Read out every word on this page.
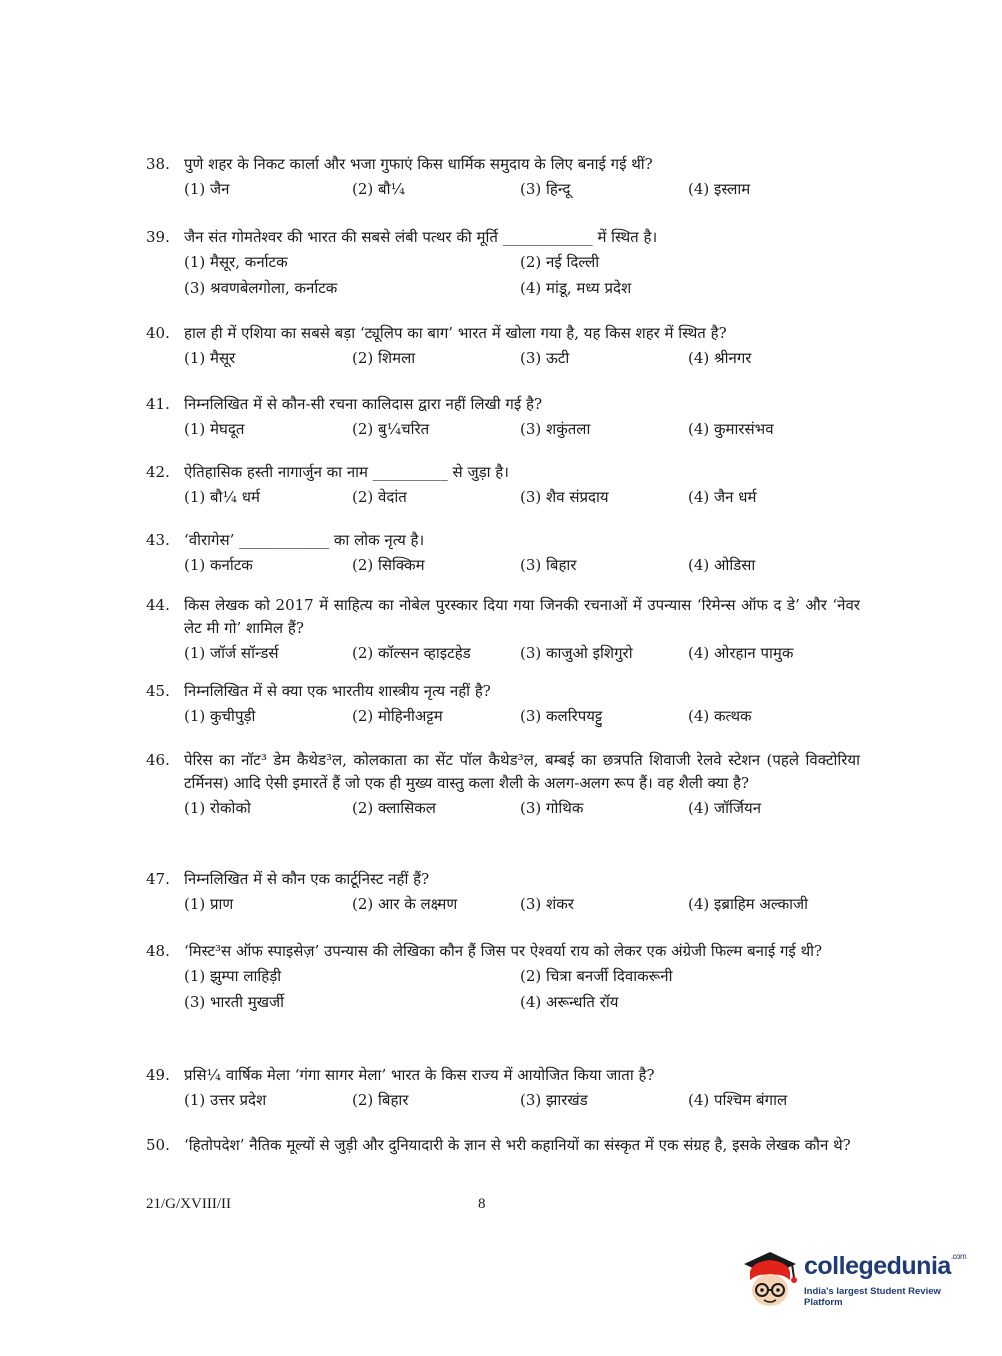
38. पुणे शहर के निकट कार्ला और भजा गुफाएं किस धार्मिक समुदाय के लिए बनाई गई थीं?
(1) जैन	(2) बौ¼	(3) हिन्दू	(4) इस्लाम
39. जैन संत गोमतेश्वर की भारत की सबसे लंबी पत्थर की मूर्ति ____________ में स्थित है।
(1) मैसूर, कर्नाटक	(2) नई दिल्ली
(3) श्रवणबेलगोला, कर्नाटक	(4) मांडू, मध्य प्रदेश
40. हाल ही में एशिया का सबसे बड़ा ‘ट्यूलिप का बाग’ भारत में खोला गया है, यह किस शहर में स्थित है?
(1) मैसूर	(2) शिमला	(3) ऊटी	(4) श्रीनगर
41. निम्नलिखित में से कौन-सी रचना कालिदास द्वारा नहीं लिखी गई है?
(1) मेघदूत	(2) बु¼चरित	(3) शकुंतला	(4) कुमारसंभव
42. ऐतिहासिक हस्ती नागार्जुन का नाम __________ से जुड़ा है।
(1) बौ¼ धर्म	(2) वेदांत	(3) शैव संप्रदाय	(4) जैन धर्म
43. ‘वीरागेस’ ____________ का लोक नृत्य है।
(1) कर्नाटक	(2) सिक्किम	(3) बिहार	(4) ओडिसा
44. किस लेखक को 2017 में साहित्य का नोबेल पुरस्कार दिया गया जिनकी रचनाओं में उपन्यास ‘रिमेन्स ऑफ द डे’ और ‘नेवर लेट मी गो’ शामिल हैं?
(1) जॉर्ज सॉन्डर्स	(2) कॉल्सन व्हाइटहेड	(3) काजुओ इशिगुरो	(4) ओरहान पामुक
45. निम्नलिखित में से क्या एक भारतीय शास्त्रीय नृत्य नहीं है?
(1) कुचीपुड़ी	(2) मोहिनीअट्टम	(3) कलरिपयट्टु	(4) कत्थक
46. पेरिस का नॉट³ डेम कैथेड³ल, कोलकाता का सेंट पॉल कैथेड³ल, बम्बई का छत्रपति शिवाजी रेलवे स्टेशन (पहले विक्टोरिया टर्मिनस) आदि ऐसी इमारतें हैं जो एक ही मुख्य वास्तु कला शैली के अलग-अलग रूप हैं। वह शैली क्या है?
(1) रोकोको	(2) क्लासिकल	(3) गोथिक	(4) जॉर्जियन
47. निम्नलिखित में से कौन एक कार्टूनिस्ट नहीं हैं?
(1) प्राण	(2) आर के लक्ष्मण	(3) शंकर	(4) इब्राहिम अल्काजी
48. ‘मिस्ट³स ऑफ स्पाइसेज़’ उपन्यास की लेखिका कौन हैं जिस पर ऐश्वर्या राय को लेकर एक अंग्रेजी फिल्म बनाई गई थी?
(1) झुम्पा लाहिड़ी	(2) चित्रा बनर्जी दिवाकरूनी
(3) भारती मुखर्जी	(4) अरून्धति रॉय
49. प्रसि¼ वार्षिक मेला ‘गंगा सागर मेला’ भारत के किस राज्य में आयोजित किया जाता है?
(1) उत्तर प्रदेश	(2) बिहार	(3) झारखंड	(4) पश्चिम बंगाल
50. ‘हितोपदेश’ नैतिक मूल्यों से जुड़ी और दुनियादारी के ज्ञान से भरी कहानियों का संस्कृत में एक संग्रह है, इसके लेखक कौन थे?
21/G/XVIII/II	8
collegedunia$^{.com}$
India's largest Student Review Platform
